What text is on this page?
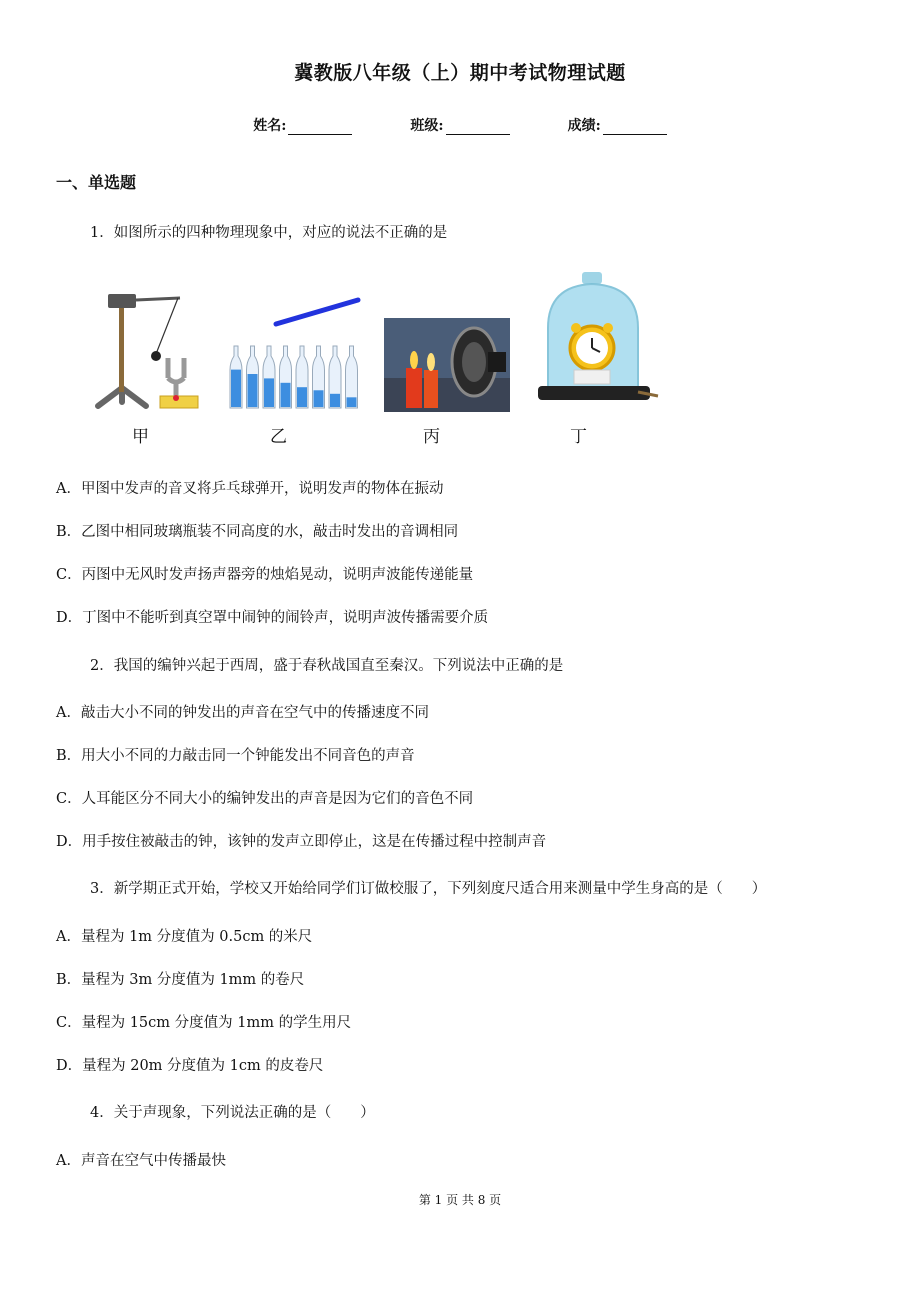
冀教版八年级（上）期中考试物理试题
姓名:	班级:	成绩:
一、单选题
1．如图所示的四种物理现象中，对应的说法不正确的是
甲	乙	丙	丁
A．甲图中发声的音叉将乒乓球弹开，说明发声的物体在振动
B．乙图中相同玻璃瓶装不同高度的水，敲击时发出的音调相同
C．丙图中无风时发声扬声器旁的烛焰晃动，说明声波能传递能量
D．丁图中不能听到真空罩中闹钟的闹铃声，说明声波传播需要介质
2．我国的编钟兴起于西周，盛于春秋战国直至秦汉。下列说法中正确的是
A．敲击大小不同的钟发出的声音在空气中的传播速度不同
B．用大小不同的力敲击同一个钟能发出不同音色的声音
C．人耳能区分不同大小的编钟发出的声音是因为它们的音色不同
D．用手按住被敲击的钟，该钟的发声立即停止，这是在传播过程中控制声音
3．新学期正式开始，学校又开始给同学们订做校服了，下列刻度尺适合用来测量中学生身高的是（　　）
A．量程为 1m 分度值为 0.5cm 的米尺
B．量程为 3m 分度值为 1mm 的卷尺
C．量程为 15cm 分度值为 1mm 的学生用尺
D．量程为 20m 分度值为 1cm 的皮卷尺
4．关于声现象，下列说法正确的是（　　）
A．声音在空气中传播最快
第 1 页 共 8 页
